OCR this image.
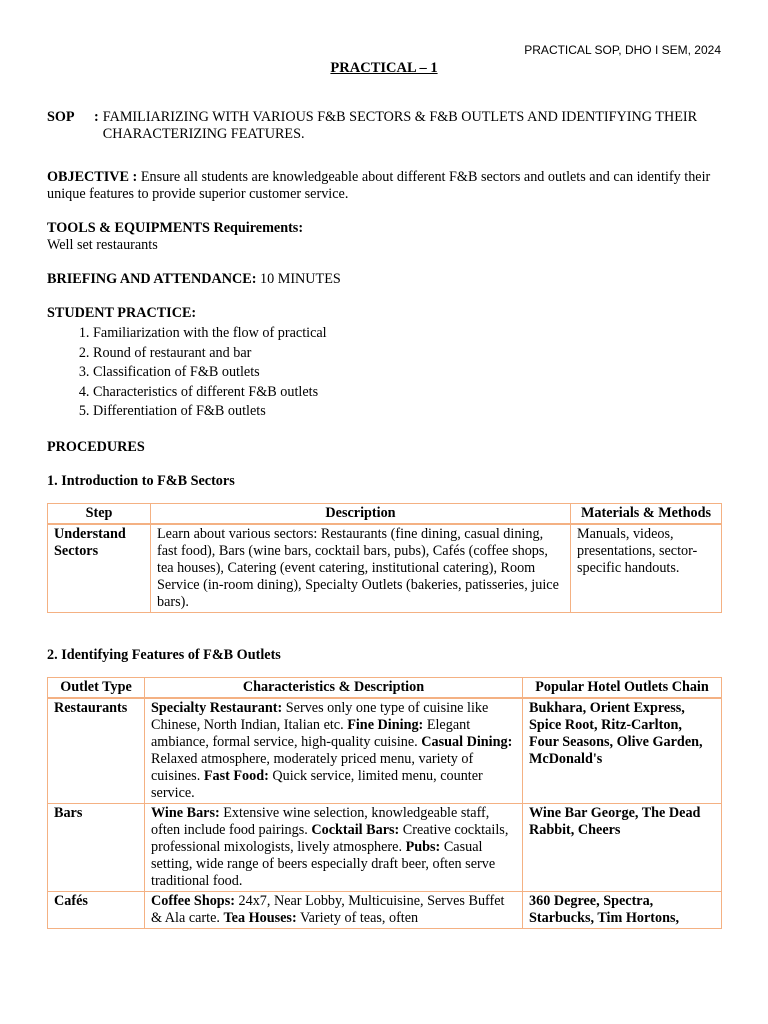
PRACTICAL SOP, DHO I SEM, 2024
PRACTICAL – 1
SOP	: FAMILIARIZING WITH VARIOUS F&B SECTORS & F&B OUTLETS AND IDENTIFYING THEIR CHARACTERIZING FEATURES.
OBJECTIVE : Ensure all students are knowledgeable about different F&B sectors and outlets and can identify their unique features to provide superior customer service.
TOOLS & EQUIPMENTS Requirements:
Well set restaurants
BRIEFING AND ATTENDANCE: 10 MINUTES
STUDENT PRACTICE:
1. Familiarization with the flow of practical
2. Round of restaurant and bar
3. Classification of F&B outlets
4. Characteristics of different F&B outlets
5. Differentiation of F&B outlets
PROCEDURES
1. Introduction to F&B Sectors
Step	Description	Materials & Methods
Understand Sectors	Learn about various sectors: Restaurants (fine dining, casual dining, fast food), Bars (wine bars, cocktail bars, pubs), Cafés (coffee shops, tea houses), Catering (event catering, institutional catering), Room Service (in-room dining), Specialty Outlets (bakeries, patisseries, juice bars).	Manuals, videos, presentations, sector-specific handouts.
2. Identifying Features of F&B Outlets
Outlet Type	Characteristics & Description	Popular Hotel Outlets Chain
Restaurants	Specialty Restaurant: Serves only one type of cuisine like Chinese, North Indian, Italian etc. Fine Dining: Elegant ambiance, formal service, high-quality cuisine. Casual Dining: Relaxed atmosphere, moderately priced menu, variety of cuisines. Fast Food: Quick service, limited menu, counter service.	Bukhara, Orient Express, Spice Root, Ritz-Carlton, Four Seasons, Olive Garden, McDonald's
Bars	Wine Bars: Extensive wine selection, knowledgeable staff, often include food pairings. Cocktail Bars: Creative cocktails, professional mixologists, lively atmosphere. Pubs: Casual setting, wide range of beers especially draft beer, often serve traditional food.	Wine Bar George, The Dead Rabbit, Cheers
Cafés	Coffee Shops: 24x7, Near Lobby, Multicuisine, Serves Buffet & Ala carte. Tea Houses: Variety of teas, often	360 Degree, Spectra, Starbucks, Tim Hortons,
